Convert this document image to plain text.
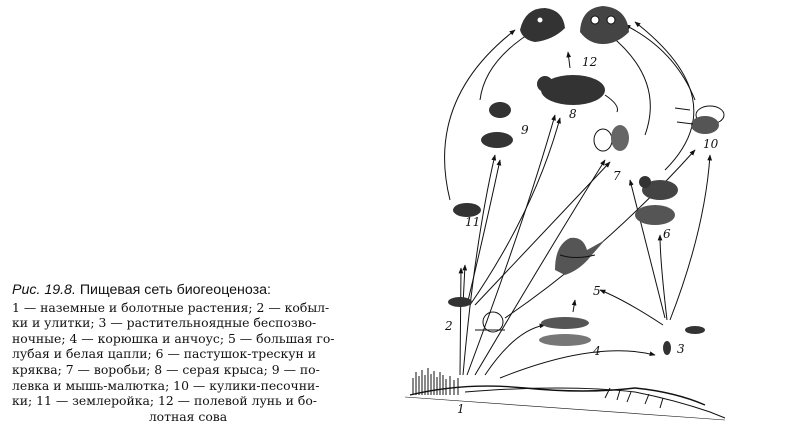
Рис. 19.8. Пищевая сеть биогеоценоза:
1 — наземные и болотные растения; 2 — кобыл-
ки и улитки; 3 — растительноядные беспозво-
ночные; 4 — корюшка и анчоус; 5 — большая го-
лубая и белая цапли; 6 — пастушок-трескун и
кряква; 7 — воробьи; 8 — серая крыса; 9 — по-
левка и мышь-малютка; 10 — кулики-песочни-
ки; 11 — землеройка; 12 — полевой лунь и бо-
лотная сова	1
2
3
4
5
6
7
8
9
10
11
12
